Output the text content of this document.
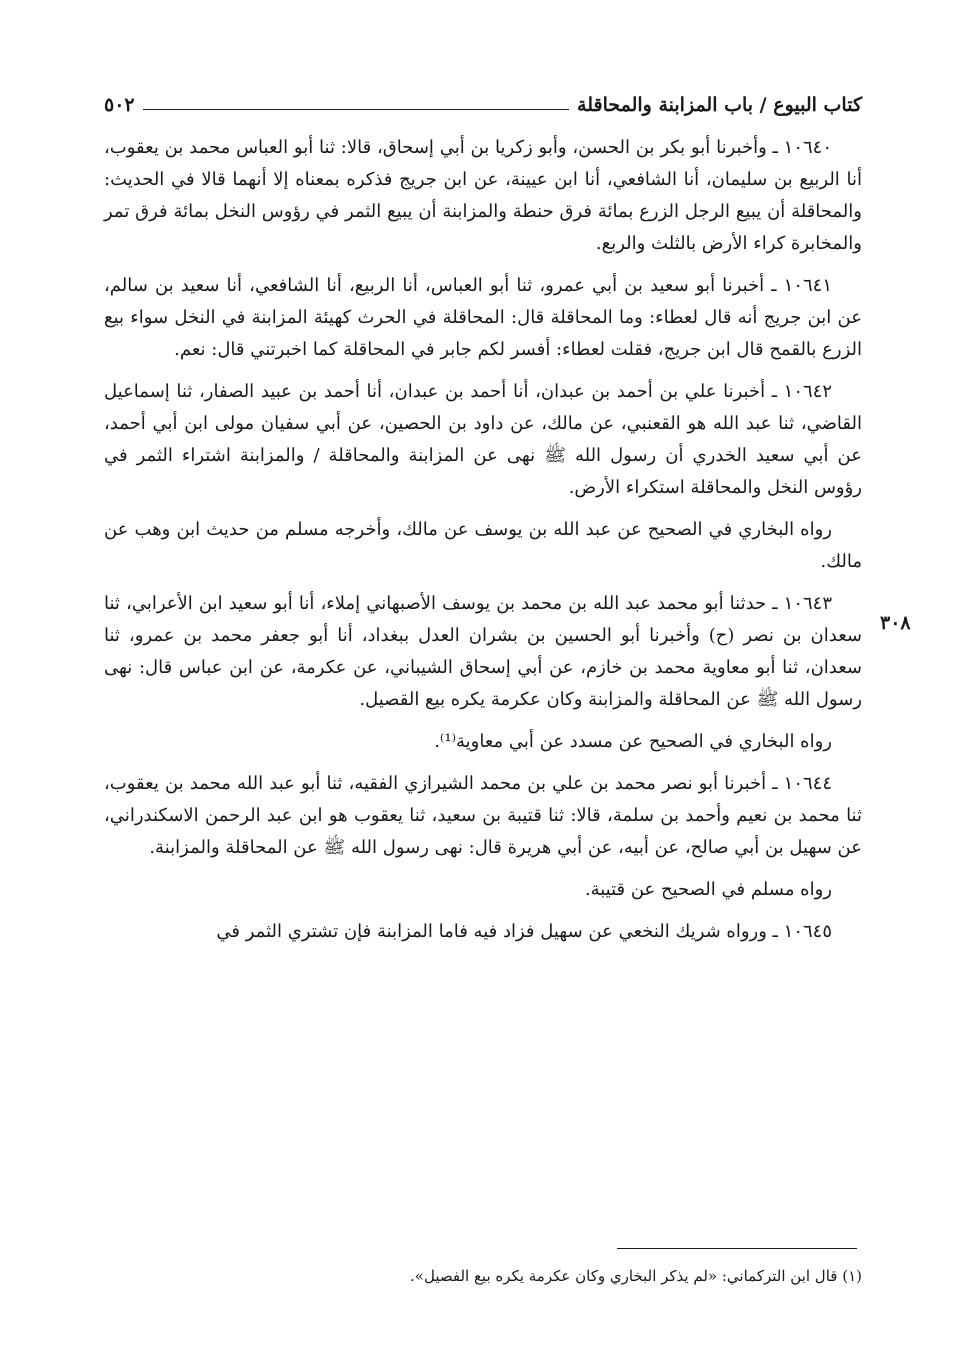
كتاب البيوع / باب المزابنة والمحاقلة
٥٠٢

١٠٦٤٠ ـ وأخبرنا أبو بكر بن الحسن، وأبو زكريا بن أبي إسحاق، قالا: ثنا أبو العباس محمد بن يعقوب، أنا الربيع بن سليمان، أنا الشافعي، أنا ابن عيينة، عن ابن جريج فذكره بمعناه إلا أنهما قالا في الحديث: والمحاقلة أن يبيع الرجل الزرع بمائة فرق حنطة والمزابنة أن يبيع الثمر في رؤوس النخل بمائة فرق تمر والمخابرة كراء الأرض بالثلث والربع.

١٠٦٤١ ـ أخبرنا أبو سعيد بن أبي عمرو، ثنا أبو العباس، أنا الربيع، أنا الشافعي، أنا سعيد بن سالم، عن ابن جريج أنه قال لعطاء: وما المحاقلة قال: المحاقلة في الحرث كهيئة المزابنة في النخل سواء بيع الزرع بالقمح قال ابن جريج، فقلت لعطاء: أفسر لكم جابر في المحاقلة كما اخبرتني قال: نعم.

١٠٦٤٢ ـ أخبرنا علي بن أحمد بن عبدان، أنا أحمد بن عبدان، أنا أحمد بن عبيد الصفار، ثنا إسماعيل القاضي، ثنا عبد الله هو القعنبي، عن مالك، عن داود بن الحصين، عن أبي سفيان مولى ابن أبي أحمد، عن أبي سعيد الخدري أن رسول الله ﷺ نهى عن المزابنة والمحاقلة / والمزابنة اشتراء الثمر في رؤوس النخل والمحاقلة استكراء الأرض.

رواه البخاري في الصحيح عن عبد الله بن يوسف عن مالك، وأخرجه مسلم من حديث ابن وهب عن مالك.

١٠٦٤٣ ـ حدثنا أبو محمد عبد الله بن محمد بن يوسف الأصبهاني إملاء، أنا أبو سعيد ابن الأعرابي، ثنا سعدان بن نصر (ح) وأخبرنا أبو الحسين بن بشران العدل ببغداد، أنا أبو جعفر محمد بن عمرو، ثنا سعدان، ثنا أبو معاوية محمد بن خازم، عن أبي إسحاق الشيباني، عن عكرمة، عن ابن عباس قال: نهى رسول الله ﷺ عن المحاقلة والمزابنة وكان عكرمة يكره بيع القصيل.

رواه البخاري في الصحيح عن مسدد عن أبي معاوية⁽¹⁾.

١٠٦٤٤ ـ أخبرنا أبو نصر محمد بن علي بن محمد الشيرازي الفقيه، ثنا أبو عبد الله محمد بن يعقوب، ثنا محمد بن نعيم وأحمد بن سلمة، قالا: ثنا قتيبة بن سعيد، ثنا يعقوب هو ابن عبد الرحمن الاسكندراني، عن سهيل بن أبي صالح، عن أبيه، عن أبي هريرة قال: نهى رسول الله ﷺ عن المحاقلة والمزابنة.

رواه مسلم في الصحيح عن قتيبة.

١٠٦٤٥ ـ ورواه شريك النخعي عن سهيل فزاد فيه فاما المزابنة فإن تشتري الثمر في

٣٠٨
(١) قال ابن التركماني: «لم يذكر البخاري وكان عكرمة يكره بيع الفصيل».
